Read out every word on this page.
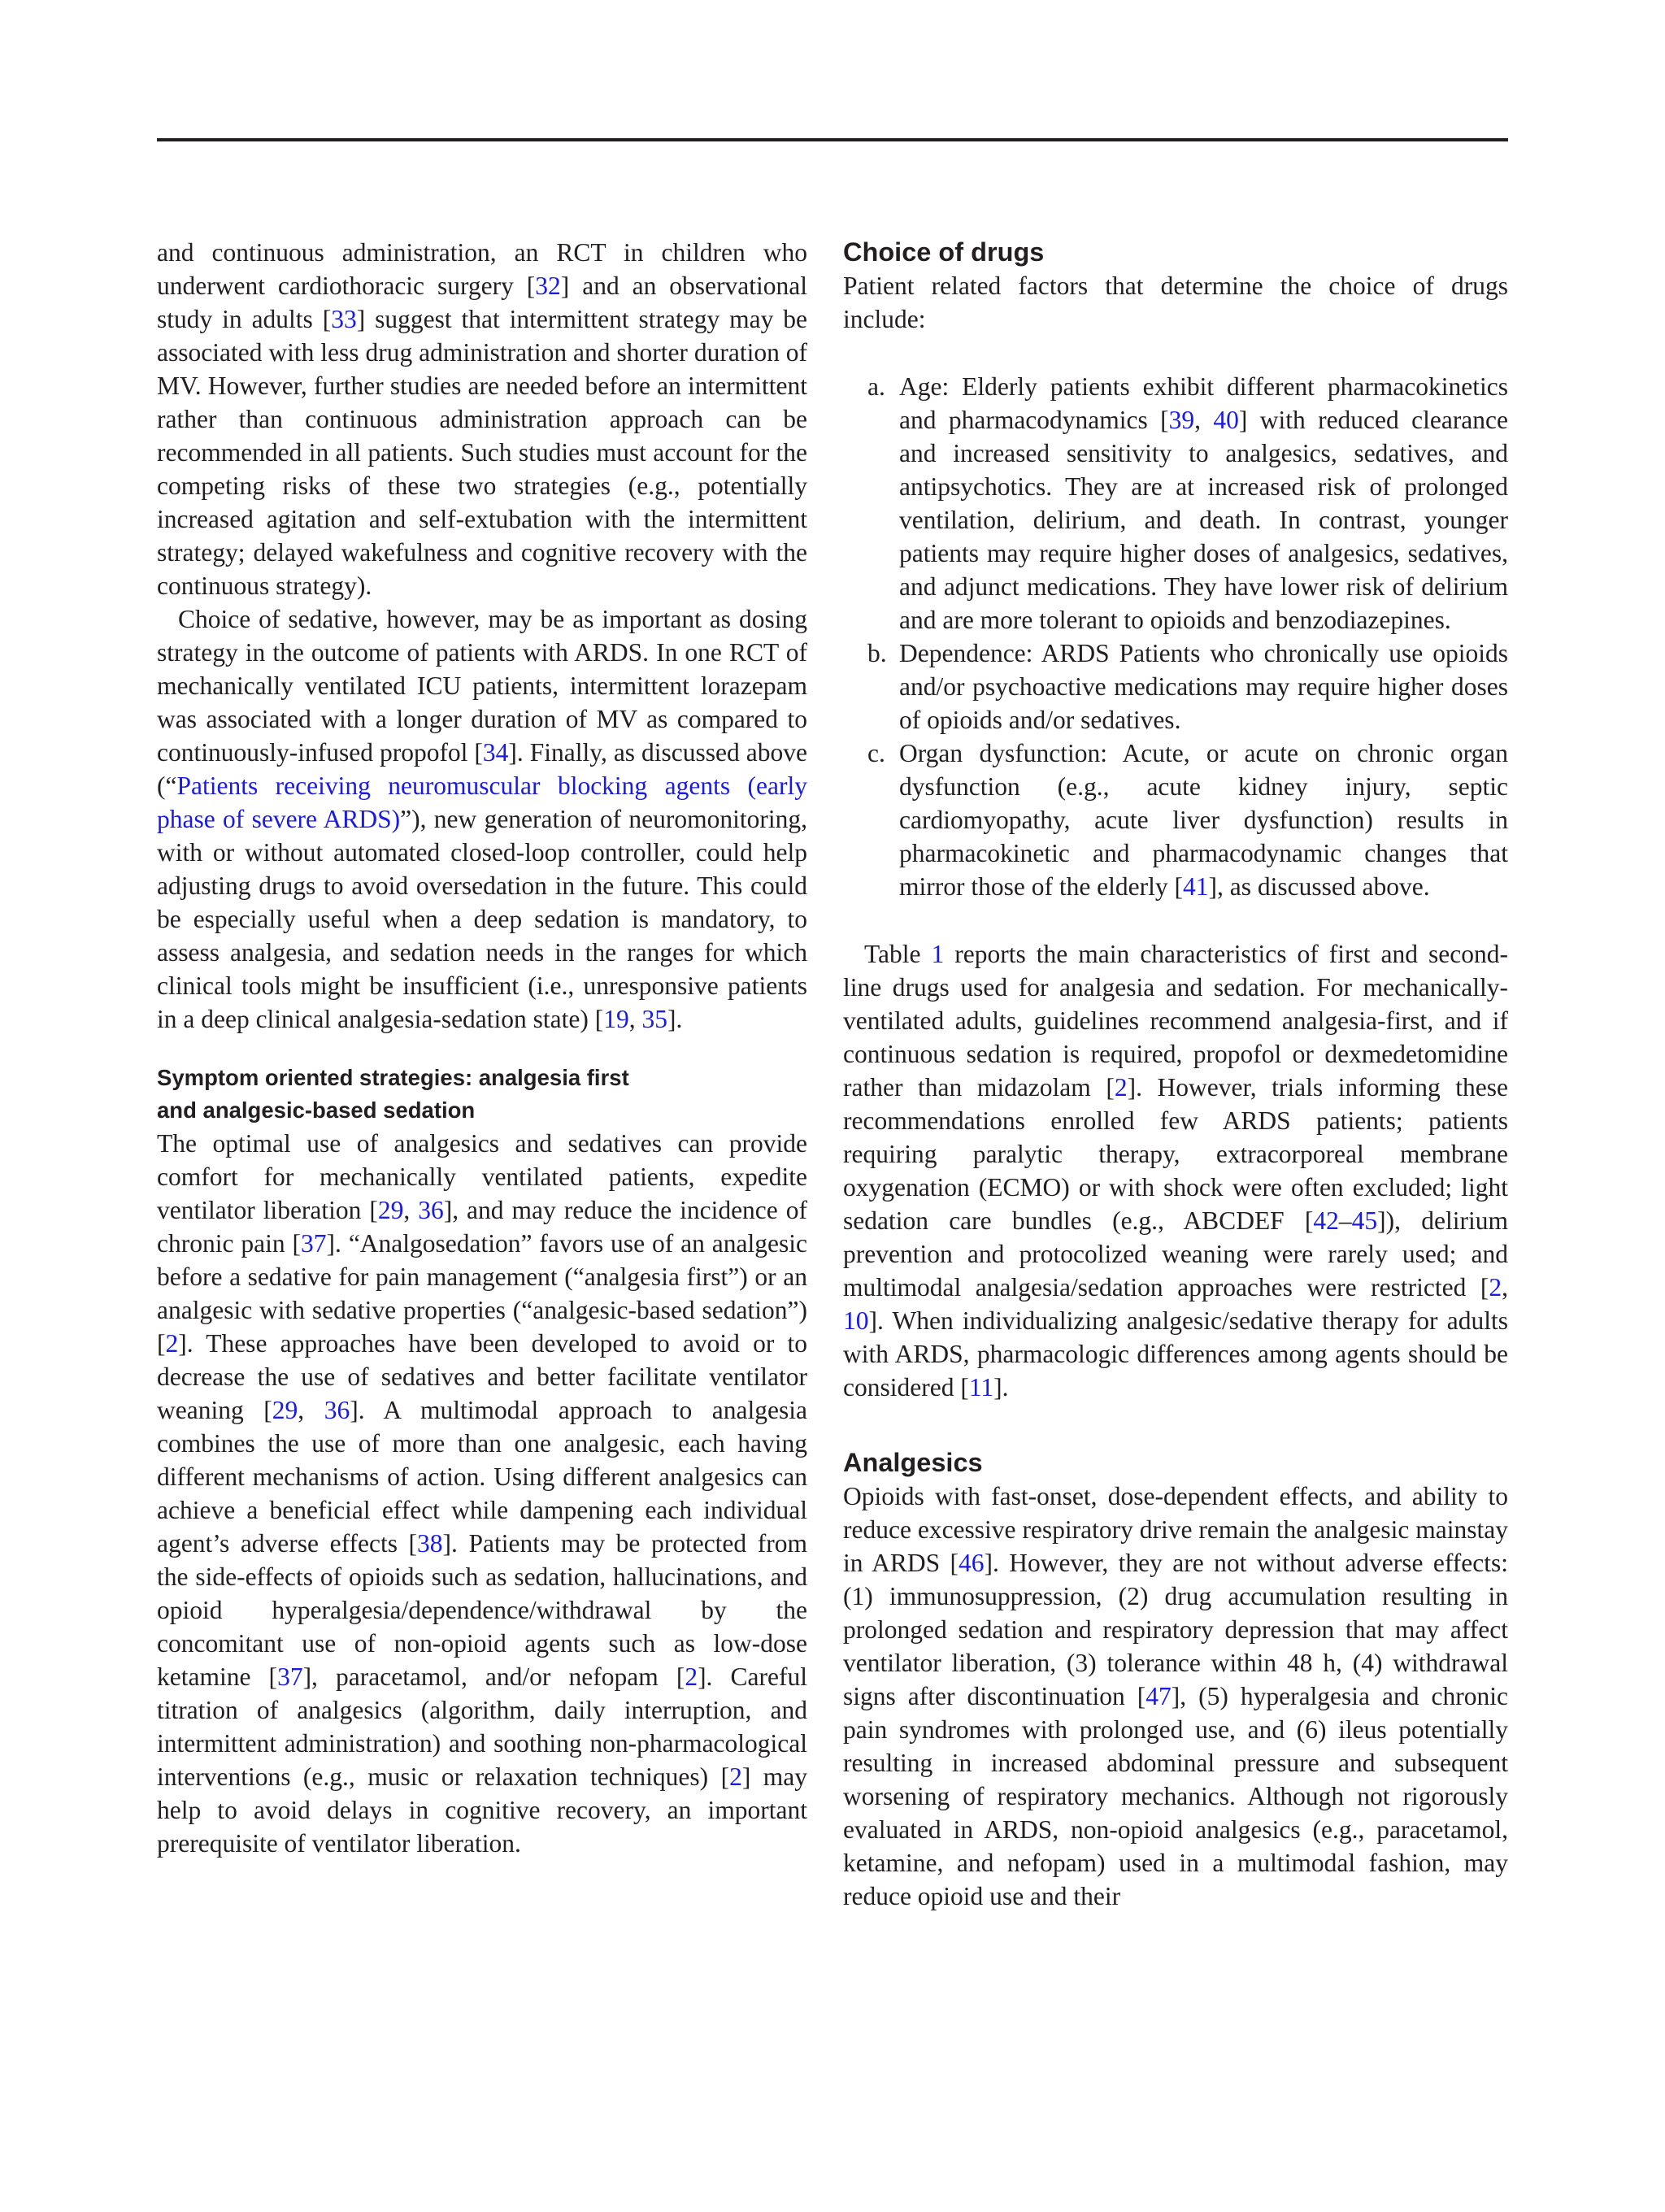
and continuous administration, an RCT in children who underwent cardiothoracic surgery [32] and an observational study in adults [33] suggest that intermittent strategy may be associated with less drug administration and shorter duration of MV. However, further studies are needed before an intermittent rather than continuous administration approach can be recommended in all patients. Such studies must account for the competing risks of these two strategies (e.g., potentially increased agitation and self-extubation with the intermittent strategy; delayed wakefulness and cognitive recovery with the continuous strategy).

Choice of sedative, however, may be as important as dosing strategy in the outcome of patients with ARDS. In one RCT of mechanically ventilated ICU patients, intermittent lorazepam was associated with a longer duration of MV as compared to continuously-infused propofol [34]. Finally, as discussed above (“Patients receiving neuromuscular blocking agents (early phase of severe ARDS)”), new generation of neuromonitoring, with or without automated closed-loop controller, could help adjusting drugs to avoid oversedation in the future. This could be especially useful when a deep sedation is mandatory, to assess analgesia, and sedation needs in the ranges for which clinical tools might be insufficient (i.e., unresponsive patients in a deep clinical analgesia-sedation state) [19, 35].

Symptom oriented strategies: analgesia first
and analgesic-based sedation

The optimal use of analgesics and sedatives can provide comfort for mechanically ventilated patients, expedite ventilator liberation [29, 36], and may reduce the incidence of chronic pain [37]. “Analgosedation” favors use of an analgesic before a sedative for pain management (“analgesia first”) or an analgesic with sedative properties (“analgesic-based sedation”) [2]. These approaches have been developed to avoid or to decrease the use of sedatives and better facilitate ventilator weaning [29, 36]. A multimodal approach to analgesia combines the use of more than one analgesic, each having different mechanisms of action. Using different analgesics can achieve a beneficial effect while dampening each individual agent’s adverse effects [38]. Patients may be protected from the side-effects of opioids such as sedation, hallucinations, and opioid hyperalgesia/dependence/withdrawal by the concomitant use of non-opioid agents such as low-dose ketamine [37], paracetamol, and/or nefopam [2]. Careful titration of analgesics (algorithm, daily interruption, and intermittent administration) and soothing non-pharmacological interventions (e.g., music or relaxation techniques) [2] may help to avoid delays in cognitive recovery, an important prerequisite of ventilator liberation.

Choice of drugs

Patient related factors that determine the choice of drugs include:

a. Age: Elderly patients exhibit different pharmacokinetics and pharmacodynamics [39, 40] with reduced clearance and increased sensitivity to analgesics, sedatives, and antipsychotics. They are at increased risk of prolonged ventilation, delirium, and death. In contrast, younger patients may require higher doses of analgesics, sedatives, and adjunct medications. They have lower risk of delirium and are more tolerant to opioids and benzodiazepines.
b. Dependence: ARDS Patients who chronically use opioids and/or psychoactive medications may require higher doses of opioids and/or sedatives.
c. Organ dysfunction: Acute, or acute on chronic organ dysfunction (e.g., acute kidney injury, septic cardiomyopathy, acute liver dysfunction) results in pharmacokinetic and pharmacodynamic changes that mirror those of the elderly [41], as discussed above.

Table 1 reports the main characteristics of first and second-line drugs used for analgesia and sedation. For mechanically-ventilated adults, guidelines recommend analgesia-first, and if continuous sedation is required, propofol or dexmedetomidine rather than midazolam [2]. However, trials informing these recommendations enrolled few ARDS patients; patients requiring paralytic therapy, extracorporeal membrane oxygenation (ECMO) or with shock were often excluded; light sedation care bundles (e.g., ABCDEF [42–45]), delirium prevention and protocolized weaning were rarely used; and multimodal analgesia/sedation approaches were restricted [2, 10]. When individualizing analgesic/sedative therapy for adults with ARDS, pharmacologic differences among agents should be considered [11].

Analgesics

Opioids with fast-onset, dose-dependent effects, and ability to reduce excessive respiratory drive remain the analgesic mainstay in ARDS [46]. However, they are not without adverse effects: (1) immunosuppression, (2) drug accumulation resulting in prolonged sedation and respiratory depression that may affect ventilator liberation, (3) tolerance within 48 h, (4) withdrawal signs after discontinuation [47], (5) hyperalgesia and chronic pain syndromes with prolonged use, and (6) ileus potentially resulting in increased abdominal pressure and subsequent worsening of respiratory mechanics. Although not rigorously evaluated in ARDS, non-opioid analgesics (e.g., paracetamol, ketamine, and nefopam) used in a multimodal fashion, may reduce opioid use and their
